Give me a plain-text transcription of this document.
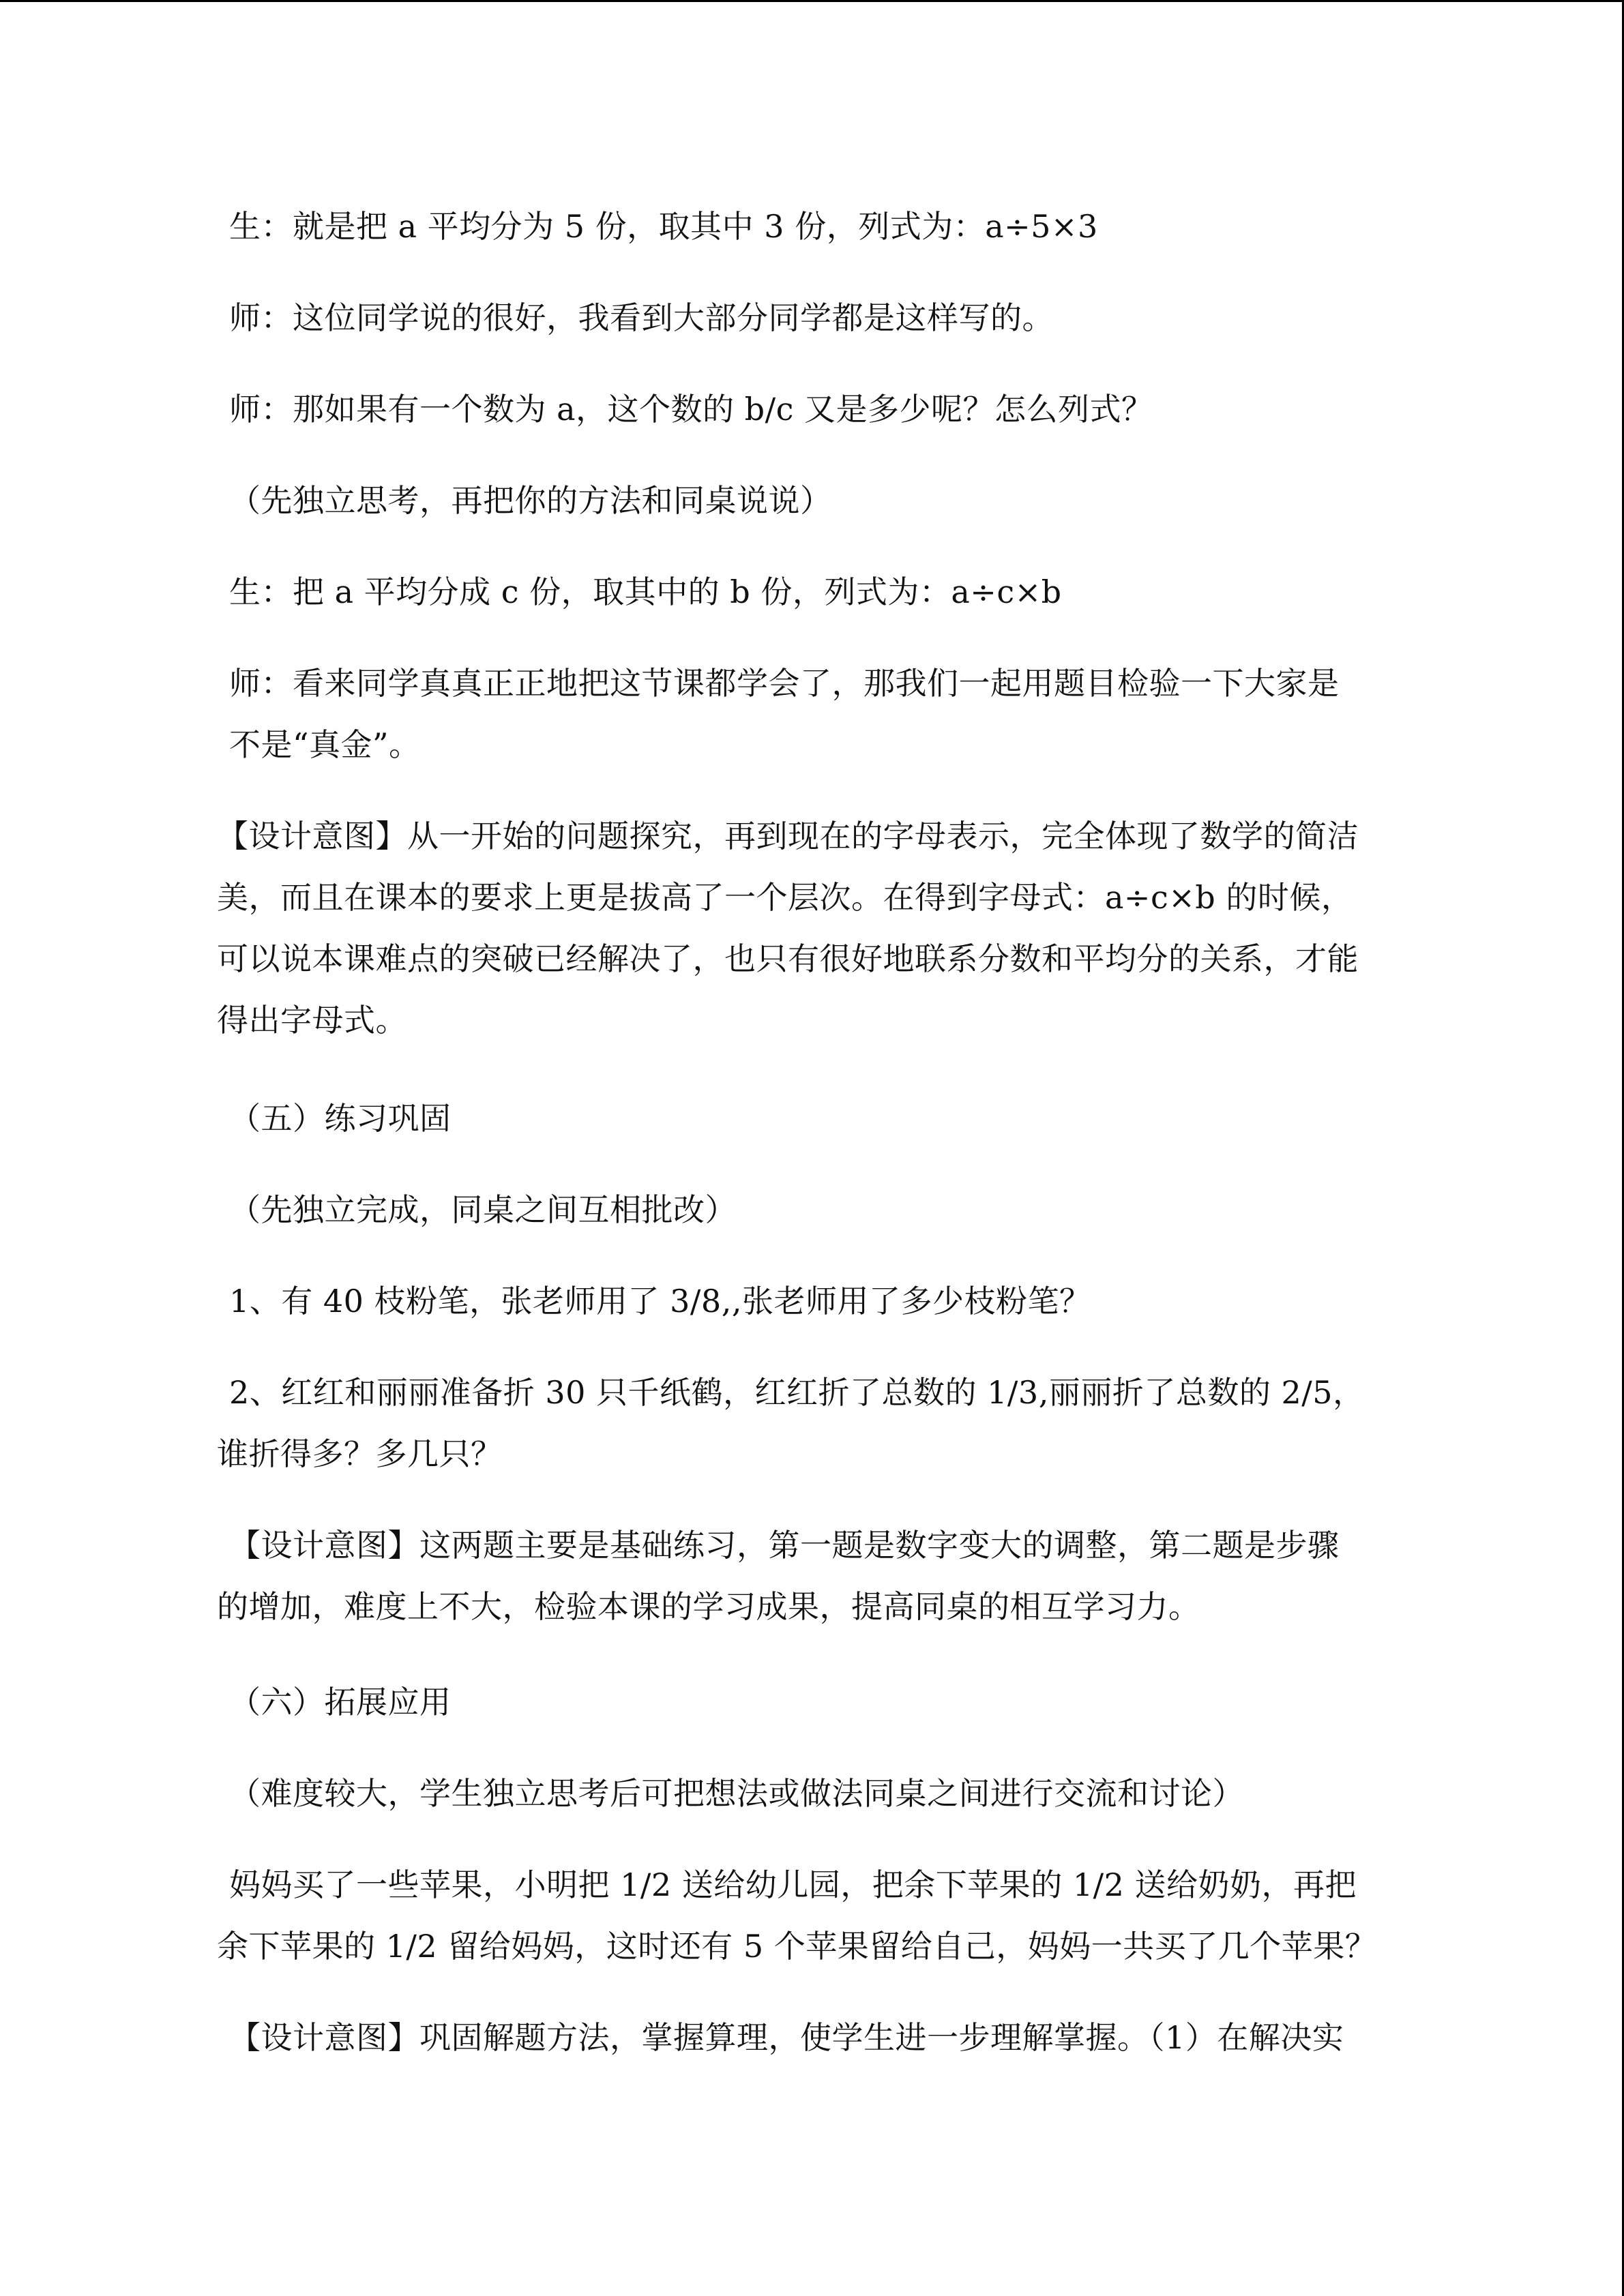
生：就是把 a 平均分为 5 份，取其中 3 份，列式为：a÷5×3

师：这位同学说的很好，我看到大部分同学都是这样写的。

师：那如果有一个数为 a，这个数的 b/c 又是多少呢？怎么列式？

（先独立思考，再把你的方法和同桌说说）

生：把 a 平均分成 c 份，取其中的 b 份，列式为：a÷c×b

师：看来同学真真正正地把这节课都学会了，那我们一起用题目检验一下大家是

不是“真金”。

【设计意图】从一开始的问题探究，再到现在的字母表示，完全体现了数学的简洁

美，而且在课本的要求上更是拔高了一个层次。在得到字母式：a÷c×b 的时候，

可以说本课难点的突破已经解决了，也只有很好地联系分数和平均分的关系，才能

得出字母式。

（五）练习巩固

（先独立完成，同桌之间互相批改）

1、有 40 枝粉笔，张老师用了 3/8,,张老师用了多少枝粉笔？

2、红红和丽丽准备折 30 只千纸鹤，红红折了总数的 1/3,丽丽折了总数的 2/5，

谁折得多？多几只？

【设计意图】这两题主要是基础练习，第一题是数字变大的调整，第二题是步骤

的增加，难度上不大，检验本课的学习成果，提高同桌的相互学习力。

（六）拓展应用

（难度较大，学生独立思考后可把想法或做法同桌之间进行交流和讨论）

妈妈买了一些苹果，小明把 1/2 送给幼儿园，把余下苹果的 1/2 送给奶奶，再把

余下苹果的 1/2 留给妈妈，这时还有 5 个苹果留给自己，妈妈一共买了几个苹果？

【设计意图】巩固解题方法，掌握算理，使学生进一步理解掌握。（1）在解决实
